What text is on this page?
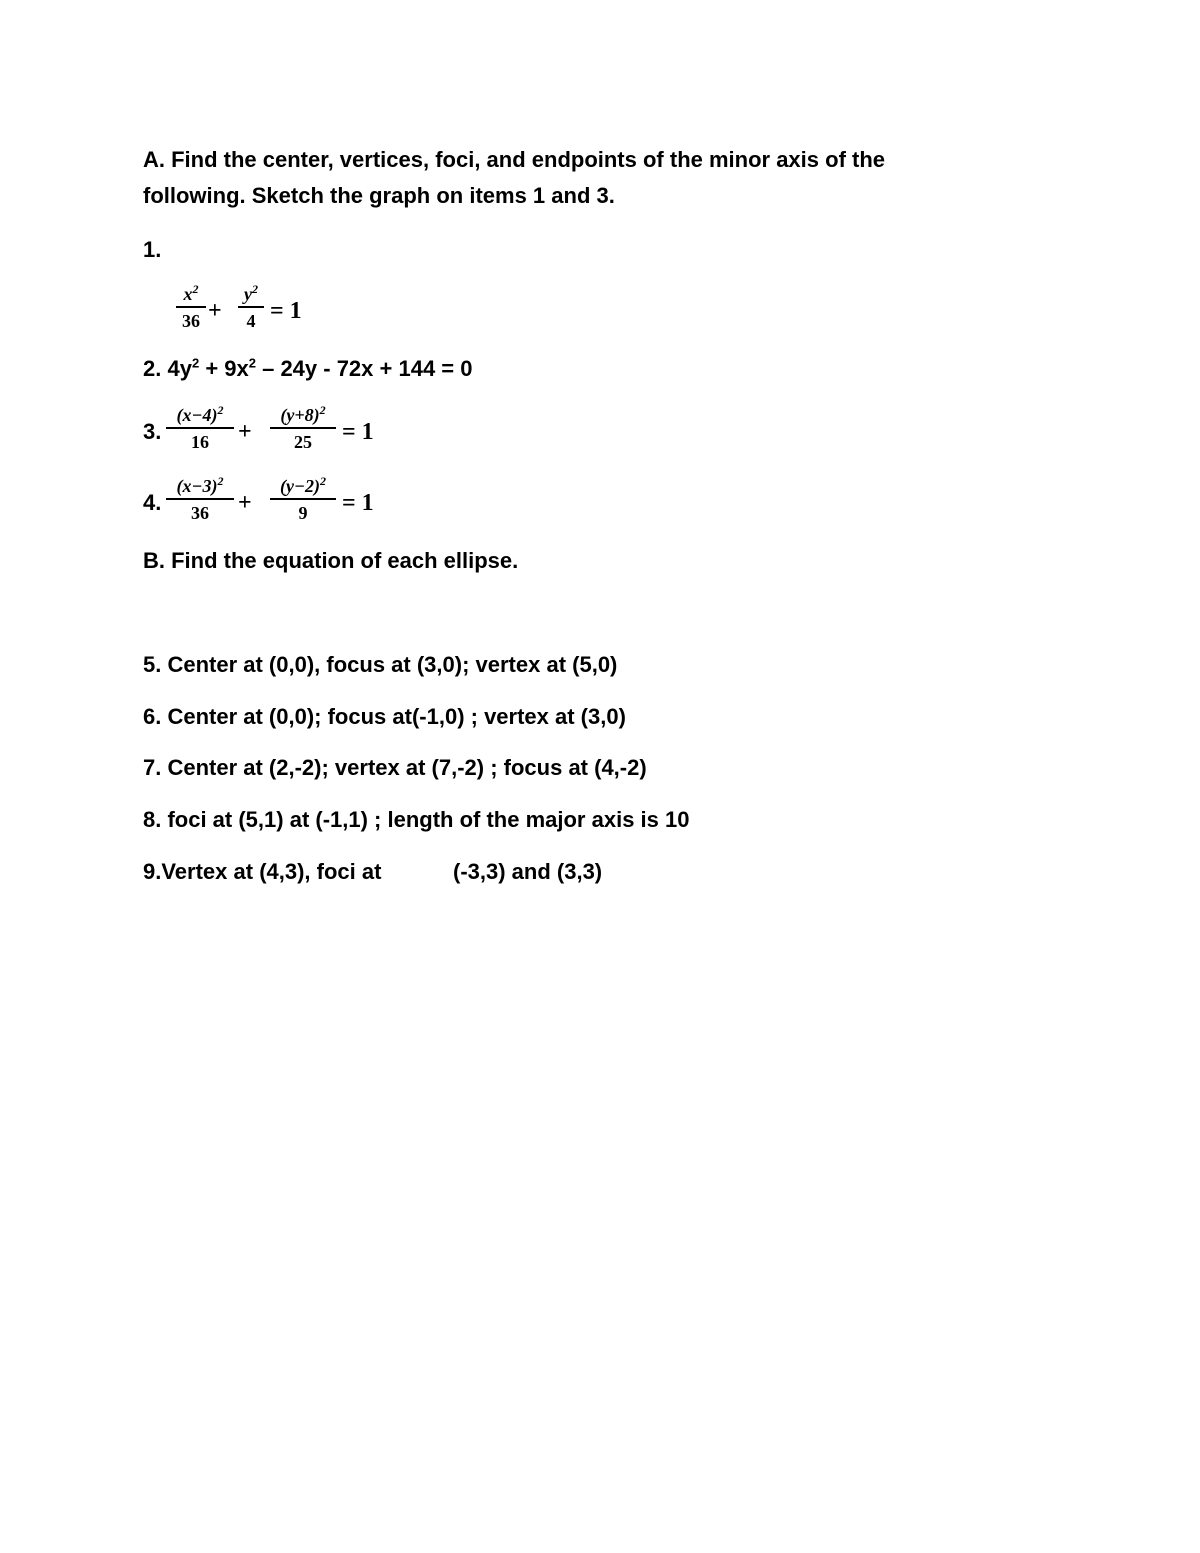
A. Find the center, vertices, foci, and endpoints of the minor axis of the
following. Sketch the graph on items 1 and 3.
1.
$x^2$
36 +
$y^2$
4 = 1
2. $4y^2 + 9x^2 - 24y - 72x + 144 = 0$
3.
$(x-4)^2$
16 +
$(y+8)^2$
25 = 1
4.
$(x-3)^2$
36 +
$(y-2)^2$
9 = 1
B. Find the equation of each ellipse.
5. Center at (0,0), focus at (3,0); vertex at (5,0)
6. Center at (0,0); focus at(-1,0) ; vertex at (3,0)
7. Center at (2,-2); vertex at (7,-2) ; focus at (4,-2)
8. foci at (5,1) at (-1,1) ; length of the major axis is 10
9.Vertex at (4,3), foci at	(-3,3) and (3,3)
